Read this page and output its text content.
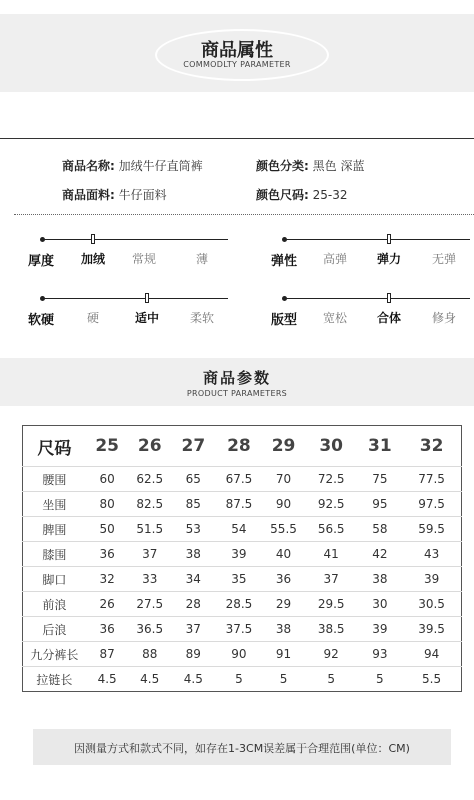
商品属性
COMMODLTY PARAMETER
商品名称: 加绒牛仔直筒裤	颜色分类: 黑色 深蓝
商品面料: 牛仔面料	颜色尺码: 25-32
厚度 加绒 常规	薄	弹性 高弹 弹力	无弹
软硬	硬	适中	柔软	版型 宽松 合体	修身
商品参数
PRODUCT PARAMETERS
尺码	25	26	27	28	29	30	31	32
腰围	60	62.5	65	67.5	70	72.5	75	77.5
坐围	80	82.5	85	87.5	90	92.5	95	97.5
脾围	50	51.5	53	54	55.5	56.5	58	59.5
膝围	36	37	38	39	40	41	42	43
脚口	32	33	34	35	36	37	38	39
前浪	26	27.5	28	28.5	29	29.5	30	30.5
后浪	36	36.5	37	37.5	38	38.5	39	39.5
九分裤长	87	88	89	90	91	92	93	94
拉链长	4.5	4.5	4.5	5	5	5	5	5.5
因测量方式和款式不同，如存在1-3CM误差属于合理范围(单位：CM)
